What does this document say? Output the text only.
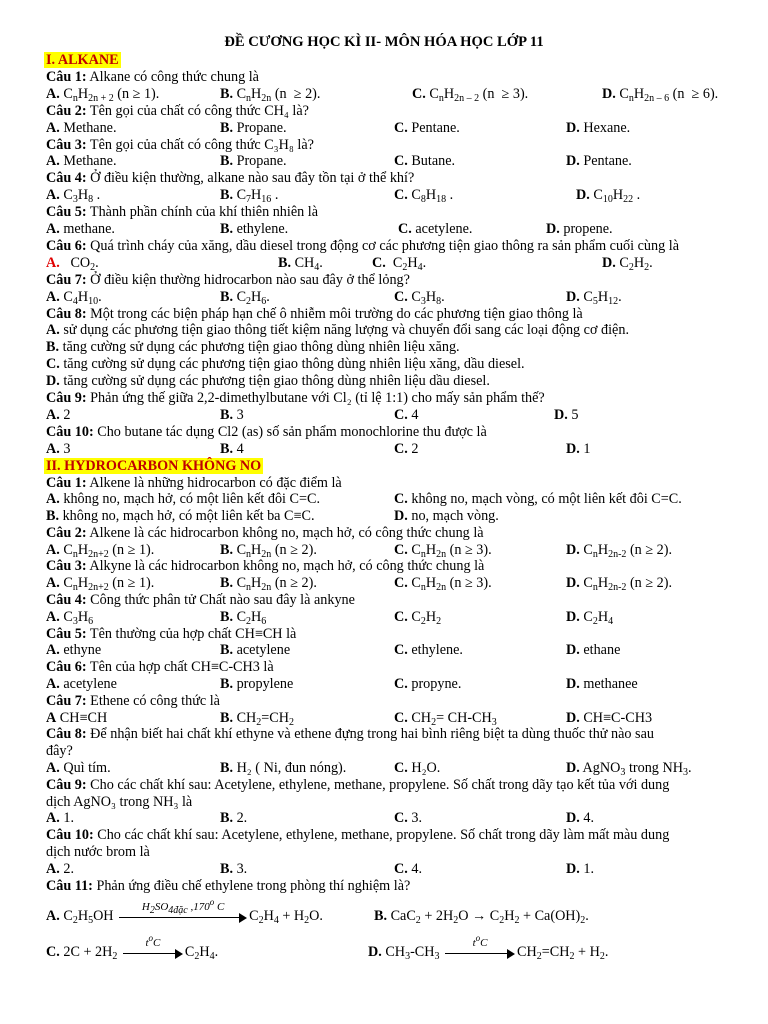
ĐỀ CƯƠNG HỌC KÌ II- MÔN HÓA HỌC LỚP 11
I. ALKANE
Câu 1: Alkane có công thức chung là
A. $C_nH_{2n + 2}$ (n ≥ 1).	B. $C_nH_{2n}$ (n  ≥ 2).	C. $C_nH_{2n - 2}$ (n  ≥ 3).	D. $C_nH_{2n - 6}$ (n  ≥ 6).
Câu 2: Tên gọi của chất có công thức CH₄ là?
A. Methane.	B. Propane.	C. Pentane.	D. Hexane.
Câu 3: Tên gọi của chất có công thức C₃H₈ là?
A. Methane.	B. Propane.	C. Butane.	D. Pentane.
Câu 4: Ở điều kiện thường, alkane nào sau đây tồn tại ở thể khí?
A. $C_3H_8$ .	B. $C_7H_{16}$ .	C. $C_8H_{18}$ .	D. $C_{10}H_{22}$ .
Câu 5: Thành phần chính của khí thiên nhiên là
A. methane.	B. ethylene.	C. acetylene.	D. propene.
Câu 6: Quá trình cháy của xăng, dầu diesel trong động cơ các phương tiện giao thông ra sản phẩm cuối cùng là
A.   $CO_2$.	B. $CH_4$.	C.  $C_2H_4$.	D. $C_2H_2$.
Câu 7: Ở điều kiện thường hidrocarbon nào sau đây ở thể lỏng?
A. $C_4H_{10}$.	B. $C_2H_6$.	C. $C_3H_8$.	D. $C_5H_{12}$.
Câu 8: Một trong các biện pháp hạn chế ô nhiễm môi trường do các phương tiện giao thông là
A. sử dụng các phương tiện giao thông tiết kiệm năng lượng và chuyển đổi sang các loại động cơ điện.
B. tăng cường sử dụng các phương tiện giao thông dùng nhiên liệu xăng.
C. tăng cường sử dụng các phương tiện giao thông dùng nhiên liệu xăng, dầu diesel.
D. tăng cường sử dụng các phương tiện giao thông dùng nhiên liệu dầu diesel.
Câu 9: Phản ứng thế giữa 2,2-dimethylbutane với Cl₂ (tỉ lệ 1:1) cho mấy sản phẩm thế?
A. 2	B. 3	C. 4	D. 5
Câu 10: Cho butane tác dụng Cl2 (as) số sản phẩm monochlorine thu được là
A. 3	B. 4	C. 2	D. 1
II. HYDROCARBON KHÔNG NO
Câu 1: Alkene là những hidrocarbon có đặc điểm là
A. không no, mạch hở, có một liên kết đôi C=C.	C. không no, mạch vòng, có một liên kết đôi C=C.
B. không no, mạch hở, có một liên kết ba C≡C.	D. no, mạch vòng.
Câu 2: Alkene là các hidrocarbon không no, mạch hở, có công thức chung là
A. $C_nH_{2n+2}$ (n ≥ 1).	B. $C_nH_{2n}$ (n ≥ 2).	C. $C_nH_{2n}$ (n ≥ 3).	D. $C_nH_{2n-2}$ (n ≥ 2).
Câu 3: Alkyne là các hidrocarbon không no, mạch hở, có công thức chung là
A. $C_nH_{2n+2}$ (n ≥ 1).	B. $C_nH_{2n}$ (n ≥ 2).	C. $C_nH_{2n}$ (n ≥ 3).	D. $C_nH_{2n-2}$ (n ≥ 2).
Câu 4: Công thức phân tử Chất nào sau đây là ankyne
A. $C_3H_6$	B. $C_2H_6$	C. $C_2H_2$	D. $C_2H_4$
Câu 5: Tên thường của hợp chất CH≡CH là
A. ethyne	B. acetylene	C. ethylene.	D. ethane
Câu 6: Tên của hợp chất CH≡C-CH3 là
A. acetylene	B. propylene	C. propyne.	D. methanee
Câu 7: Ethene có công thức là
A CH≡CH	B. $CH_2=CH_2$	C. $CH_2= CH-CH_3$	D. CH≡C-CH3
Câu 8: Để nhận biết hai chất khí ethyne và ethene đựng trong hai bình riêng biệt ta dùng thuốc thử nào sau
đây?
A. Quì tím.	B. H₂ ( Ni, đun nóng).	C. H₂O.	D. AgNO$_3$ trong $NH_3$.
Câu 9: Cho các chất khí sau: Acetylene, ethylene, methane, propylene. Số chất trong dãy tạo kết tủa với dung
dịch AgNO₃ trong NH₃ là
A. 1.	B. 2.	C. 3.	D. 4.
Câu 10: Cho các chất khí sau: Acetylene, ethylene, methane, propylene. Số chất trong dãy làm mất màu dung
dịch nước brom là
A. 2.	B. 3.	C. 4.	D. 1.
Câu 11: Phản ứng điều chế ethylene trong phòng thí nghiệm là?
A. $C_2H_5OH$
$H_2SO_{4đặc}$ ,170$^o$ C
$C_2H_4 + H_2O$.	B. $CaC_2 + 2H_2O \to C_2H_2 + Ca(OH)_2$.
C. $2C + 2H_2$
$t^oC$
$C_2H_4$.	D. $CH_3-CH_3$
$t^oC$
$CH_2=CH_2 + H_2$.
